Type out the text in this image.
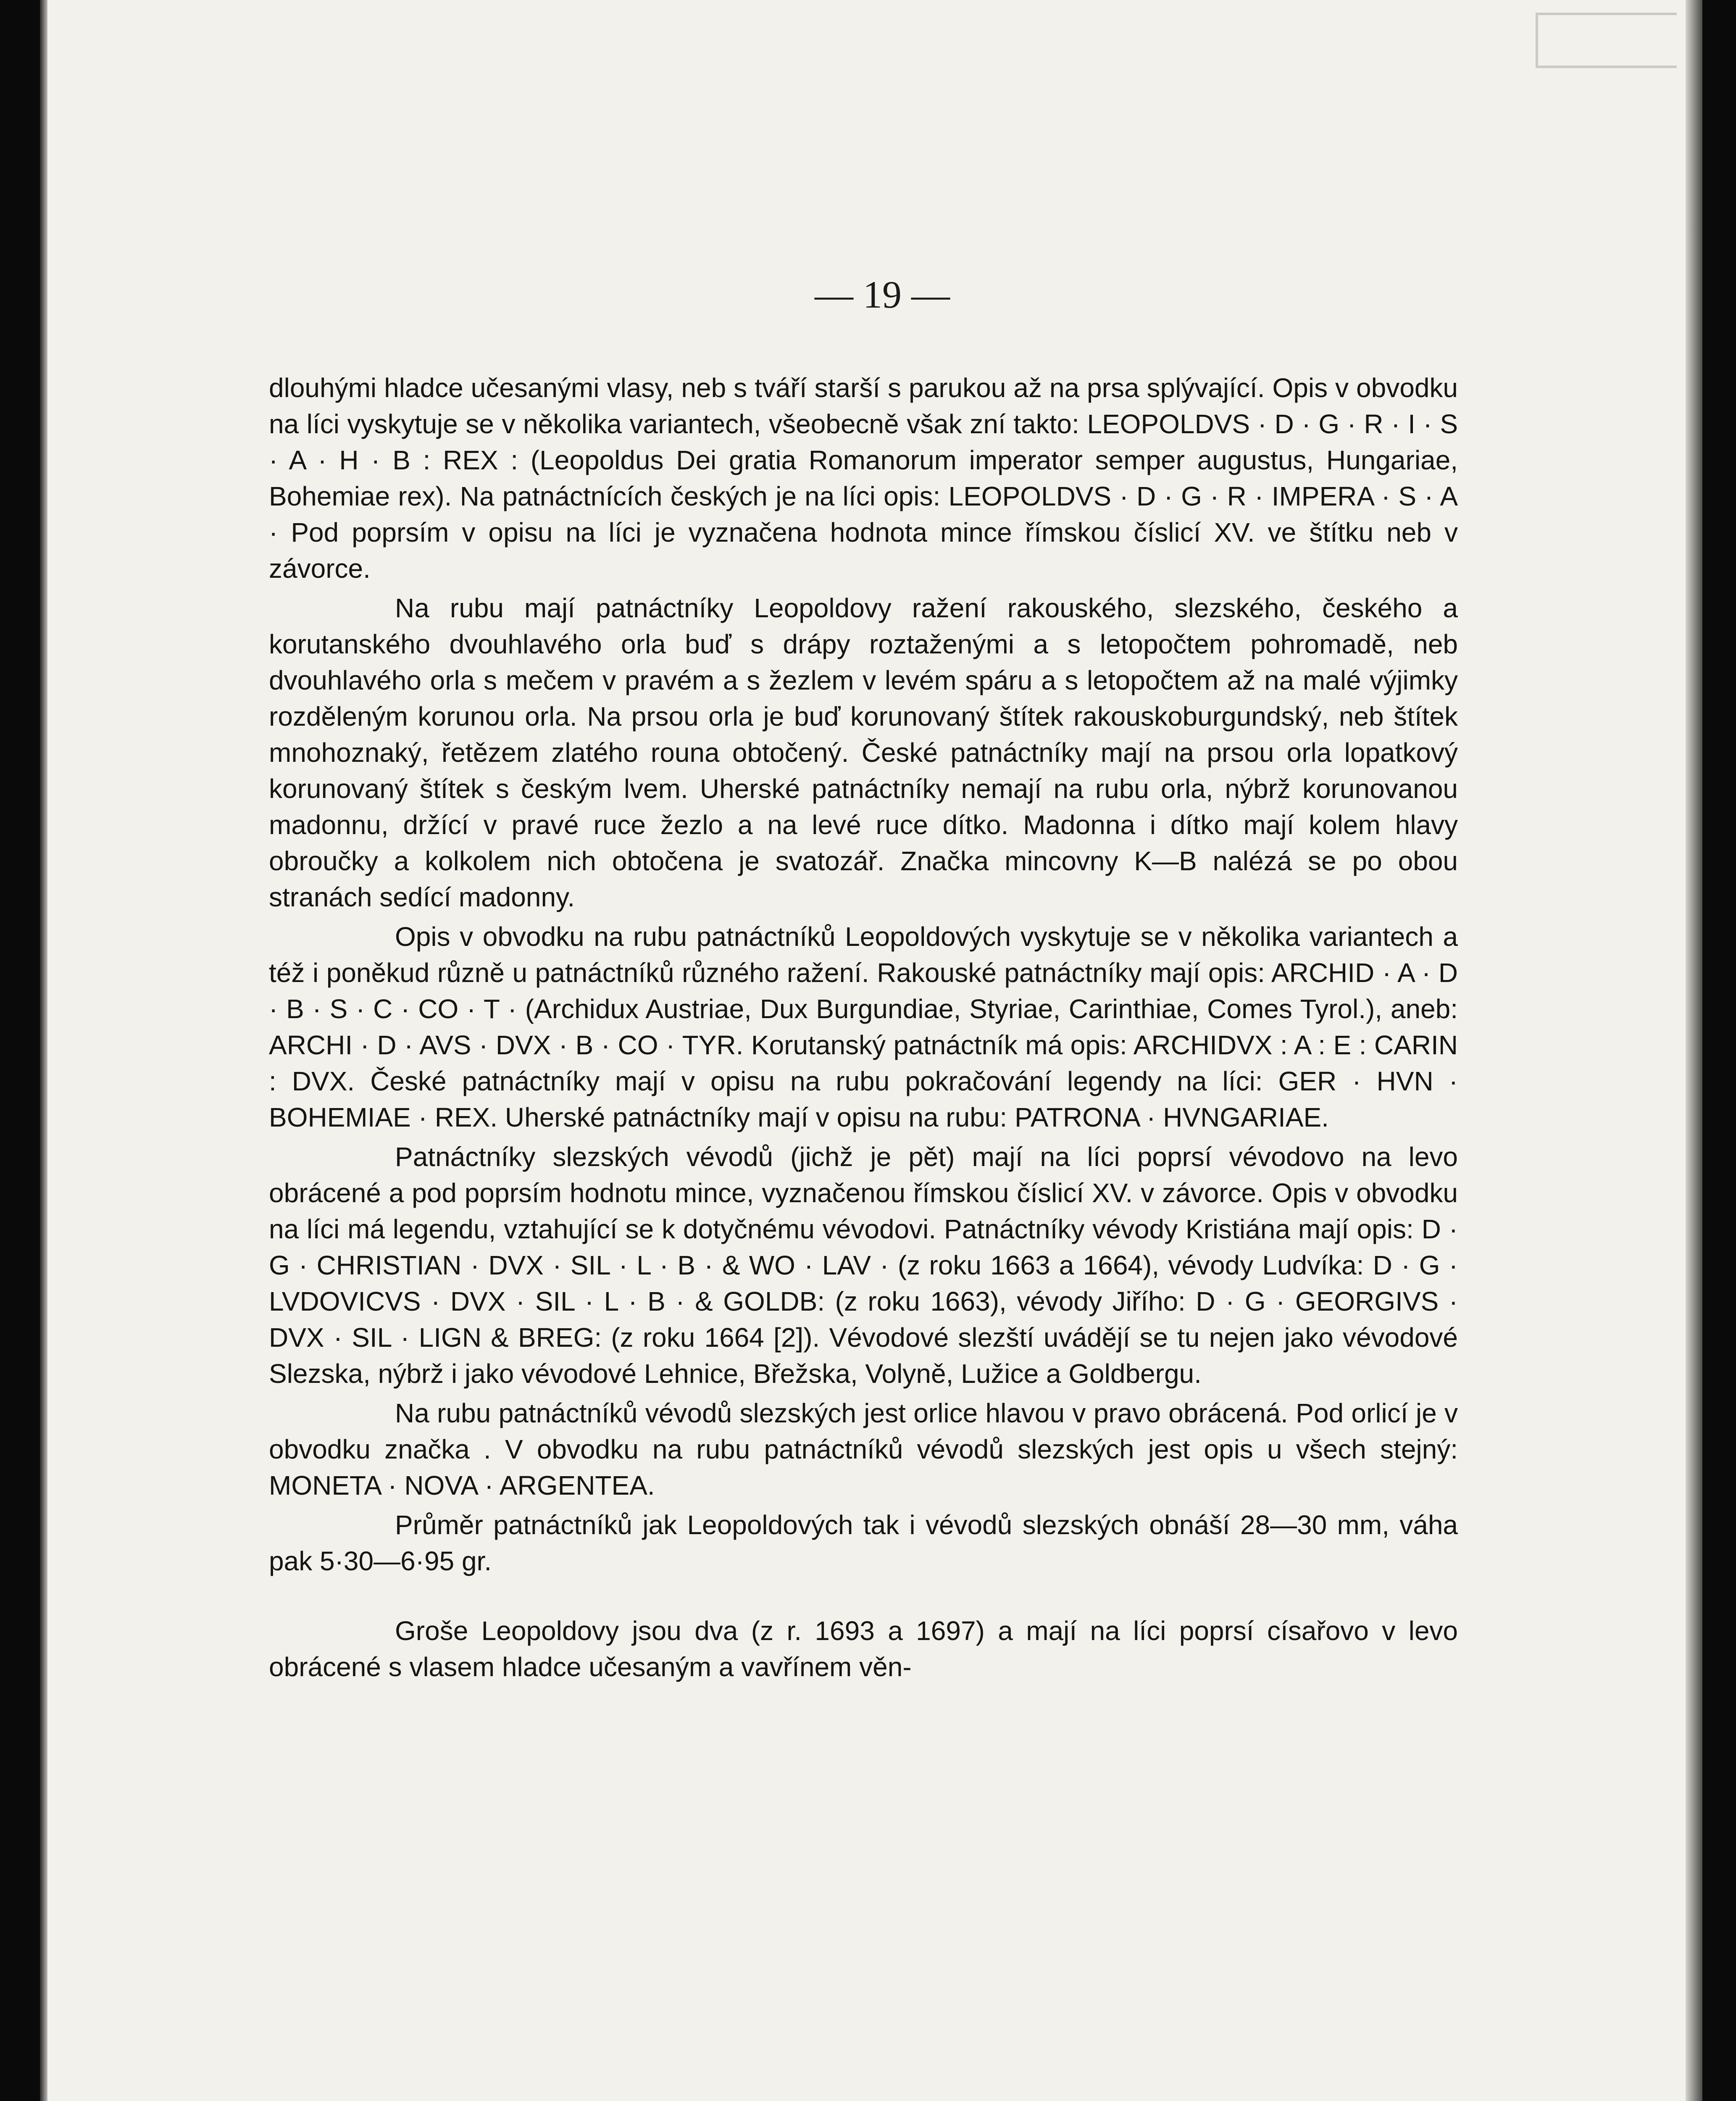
— 19 —

dlouhými hladce učesanými vlasy, neb s tváří starší s parukou až na prsa splývající. Opis v obvodku na líci vyskytuje se v několika variantech, všeobecně však zní takto: LEOPOLDVS · D · G · R · I · S · A · H · B : REX : (Leopoldus Dei gratia Romanorum imperator semper augustus, Hungariae, Bohemiae rex). Na patnáctnících českých je na líci opis: LEOPOLDVS · D · G · R · IMPERA · S · A · Pod poprsím v opisu na líci je vyznačena hodnota mince římskou číslicí XV. ve štítku neb v závorce.

Na rubu mají patnáctníky Leopoldovy ražení rakouského, slezského, českého a korutanského dvouhlavého orla buď s drápy roztaženými a s letopočtem pohromadě, neb dvouhlavého orla s mečem v pravém a s žezlem v levém spáru a s letopočtem až na malé výjimky rozděleným korunou orla. Na prsou orla je buď korunovaný štítek rakouskoburgundský, neb štítek mnohoznaký, řetězem zlatého rouna obtočený. České patnáctníky mají na prsou orla lopatkový korunovaný štítek s českým lvem. Uherské patnáctníky nemají na rubu orla, nýbrž korunovanou madonnu, držící v pravé ruce žezlo a na levé ruce dítko. Madonna i dítko mají kolem hlavy obroučky a kolkolem nich obtočena je svatozář. Značka mincovny K—B nalézá se po obou stranách sedící madonny.

Opis v obvodku na rubu patnáctníků Leopoldových vyskytuje se v několika variantech a též i poněkud různě u patnáctníků různého ražení. Rakouské patnáctníky mají opis: ARCHID · A · D · B · S · C · CO · T · (Archidux Austriae, Dux Burgundiae, Styriae, Carinthiae, Comes Tyrol.), aneb: ARCHI · D · AVS · DVX · B · CO · TYR. Korutanský patnáctník má opis: ARCHIDVX : A : E : CARIN : DVX. České patnáctníky mají v opisu na rubu pokračování legendy na líci: GER · HVN · BOHEMIAE · REX. Uherské patnáctníky mají v opisu na rubu: PATRONA · HVNGARIAE.

Patnáctníky slezských vévodů (jichž je pět) mají na líci poprsí vévodovo na levo obrácené a pod poprsím hodnotu mince, vyznačenou římskou číslicí XV. v závorce. Opis v obvodku na líci má legendu, vztahující se k dotyčnému vévodovi. Patnáctníky vévody Kristiána mají opis: D · G · CHRISTIAN · DVX · SIL · L · B · & WO · LAV · (z roku 1663 a 1664), vévody Ludvíka: D · G · LVDOVICVS · DVX · SIL · L · B · & GOLDB: (z roku 1663), vévody Jiřího: D · G · GEORGIVS · DVX · SIL · LIGN & BREG: (z roku 1664 [2]). Vévodové slezští uvádějí se tu nejen jako vévodové Slezska, nýbrž i jako vévodové Lehnice, Břežska, Volyně, Lužice a Goldbergu.

Na rubu patnáctníků vévodů slezských jest orlice hlavou v pravo obrácená. Pod orlicí je v obvodku značka . V obvodku na rubu patnáctníků vévodů slezských jest opis u všech stejný: MONETA · NOVA · ARGENTEA.

Průměr patnáctníků jak Leopoldových tak i vévodů slezských obnáší 28—30 mm, váha pak 5·30—6·95 gr.

Groše Leopoldovy jsou dva (z r. 1693 a 1697) a mají na líci poprsí císařovo v levo obrácené s vlasem hladce učesaným a vavřínem věn-
